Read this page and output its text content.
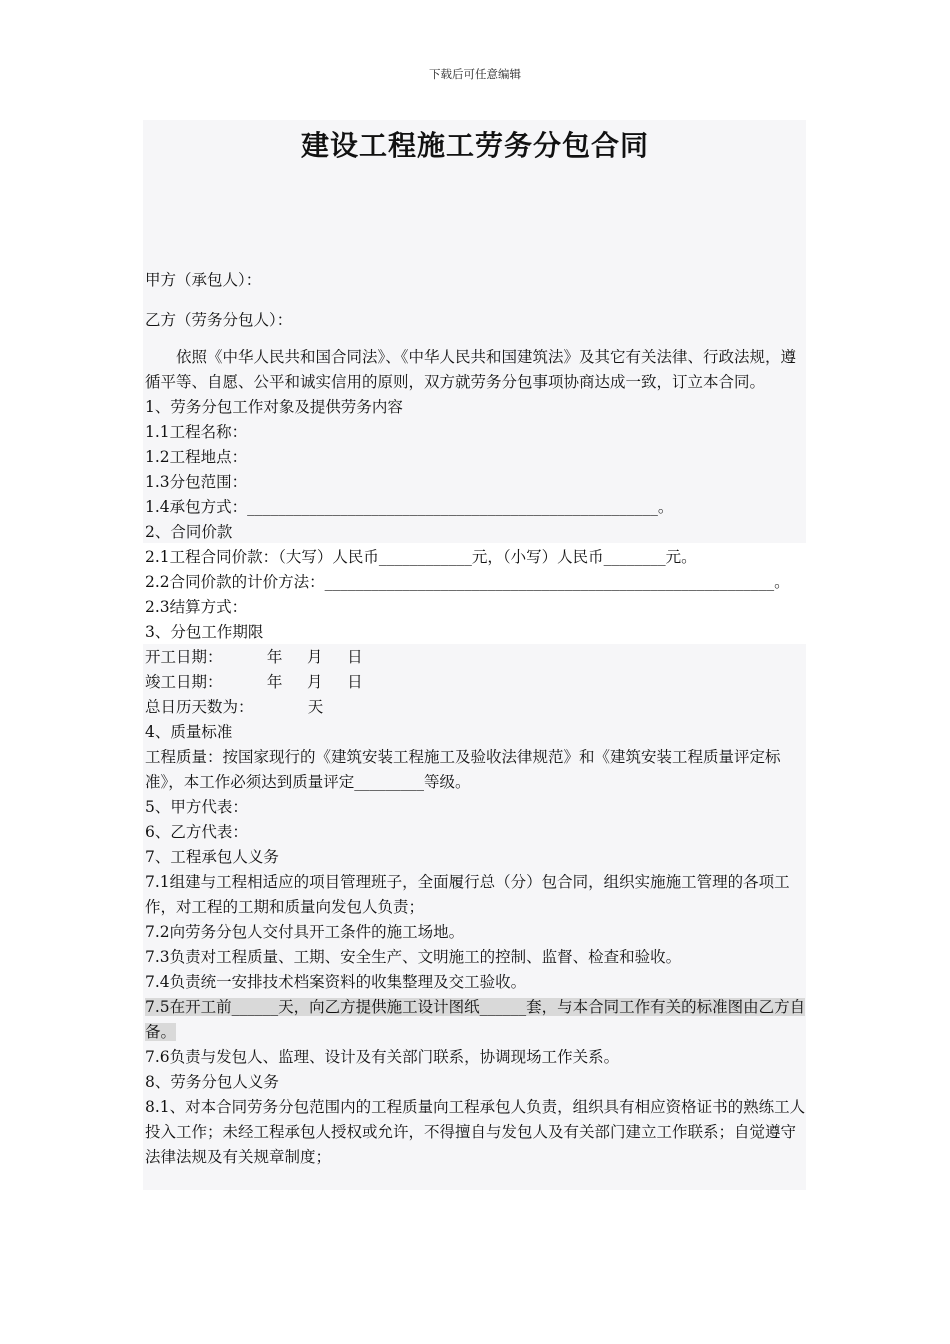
下载后可任意编辑
建设工程施工劳务分包合同

甲方（承包人）：

乙方（劳务分包人）：

依照《中华人民共和国合同法》、《中华人民共和国建筑法》及其它有关法律、行政法规，遵循平等、自愿、公平和诚实信用的原则，双方就劳务分包事项协商达成一致，订立本合同。

1、劳务分包工作对象及提供劳务内容

1.1工程名称：

1.2工程地点：

1.3分包范围：

1.4承包方式：_____________________________________________________。

2、合同价款

2.1工程合同价款：（大写）人民币____________元，（小写）人民币________元。

2.2合同价款的计价方法：__________________________________________________________。

2.3结算方式：

3、分包工作期限

开工日期：         年     月     日

竣工日期：         年     月     日

总日历天数为：           天

4、质量标准

工程质量：按国家现行的《建筑安装工程施工及验收法律规范》和《建筑安装工程质量评定标准》，本工作必须达到质量评定_________等级。

5、甲方代表：

6、乙方代表：

7、工程承包人义务

7.1组建与工程相适应的项目管理班子，全面履行总（分）包合同，组织实施施工管理的各项工作，对工程的工期和质量向发包人负责；

7.2向劳务分包人交付具开工条件的施工场地。

7.3负责对工程质量、工期、安全生产、文明施工的控制、监督、检查和验收。

7.4负责统一安排技术档案资料的收集整理及交工验收。

7.5在开工前______天，向乙方提供施工设计图纸______套，与本合同工作有关的标准图由乙方自备。

7.6负责与发包人、监理、设计及有关部门联系，协调现场工作关系。

8、劳务分包人义务

8.1、对本合同劳务分包范围内的工程质量向工程承包人负责，组织具有相应资格证书的熟练工人投入工作；未经工程承包人授权或允许，不得擅自与发包人及有关部门建立工作联系；自觉遵守法律法规及有关规章制度；
